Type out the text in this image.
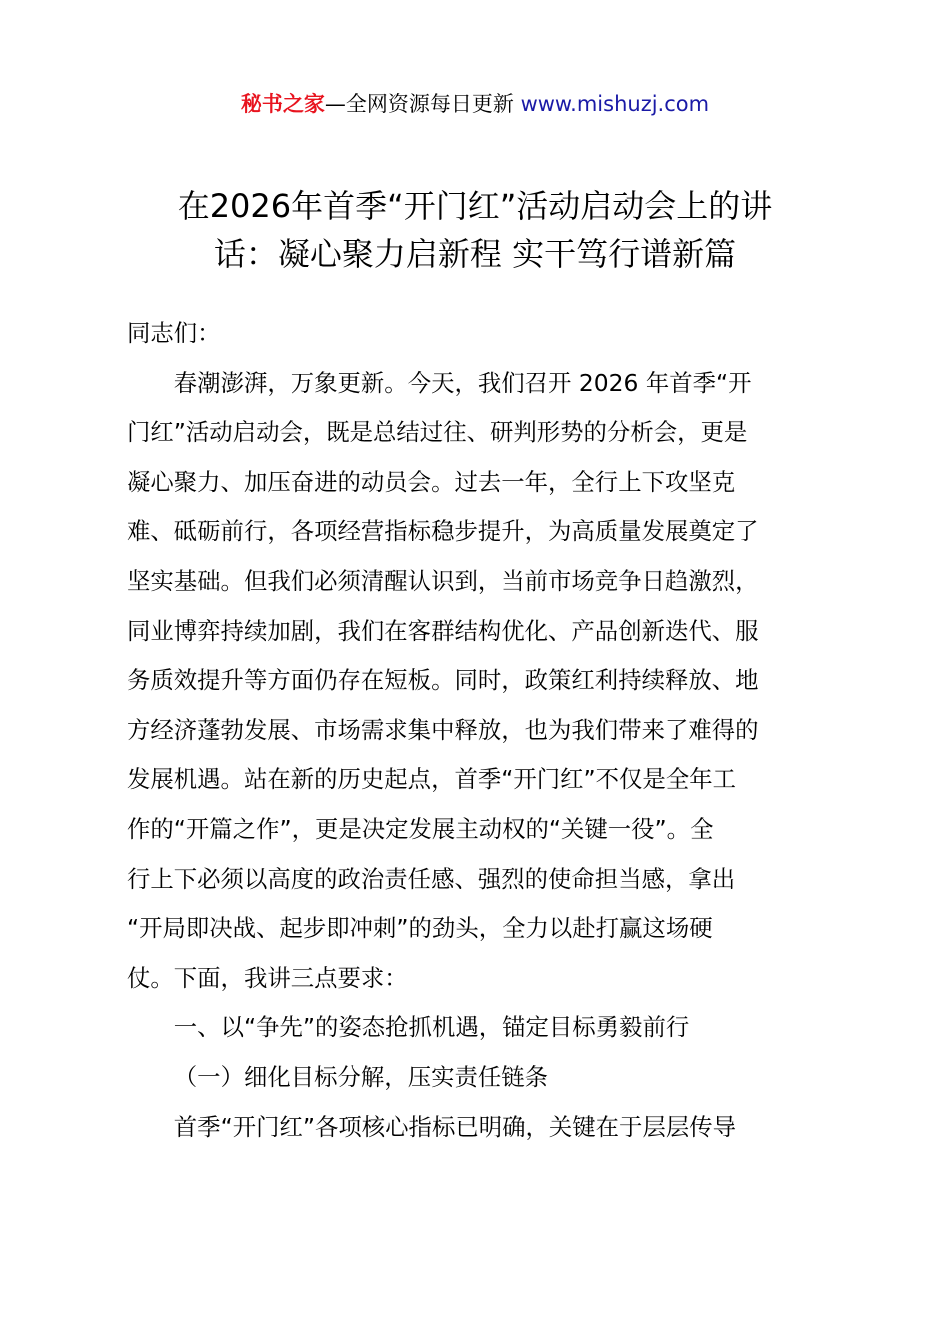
秘书之家—全网资源每日更新 www.mishuzj.com
在2026年首季“开门红”活动启动会上的讲
话：凝心聚力启新程 实干笃行谱新篇

同志们：

春潮澎湃，万象更新。今天，我们召开 2026 年首季“开
门红”活动启动会，既是总结过往、研判形势的分析会，更是
凝心聚力、加压奋进的动员会。过去一年，全行上下攻坚克
难、砥砺前行，各项经营指标稳步提升，为高质量发展奠定了
坚实基础。但我们必须清醒认识到，当前市场竞争日趋激烈，
同业博弈持续加剧，我们在客群结构优化、产品创新迭代、服
务质效提升等方面仍存在短板。同时，政策红利持续释放、地
方经济蓬勃发展、市场需求集中释放，也为我们带来了难得的
发展机遇。站在新的历史起点，首季“开门红”不仅是全年工
作的“开篇之作”，更是决定发展主动权的“关键一役”。全
行上下必须以高度的政治责任感、强烈的使命担当感，拿出
“开局即决战、起步即冲刺”的劲头，全力以赴打赢这场硬
仗。下面，我讲三点要求：
一、以“争先”的姿态抢抓机遇，锚定目标勇毅前行
（一）细化目标分解，压实责任链条
首季“开门红”各项核心指标已明确，关键在于层层传导
